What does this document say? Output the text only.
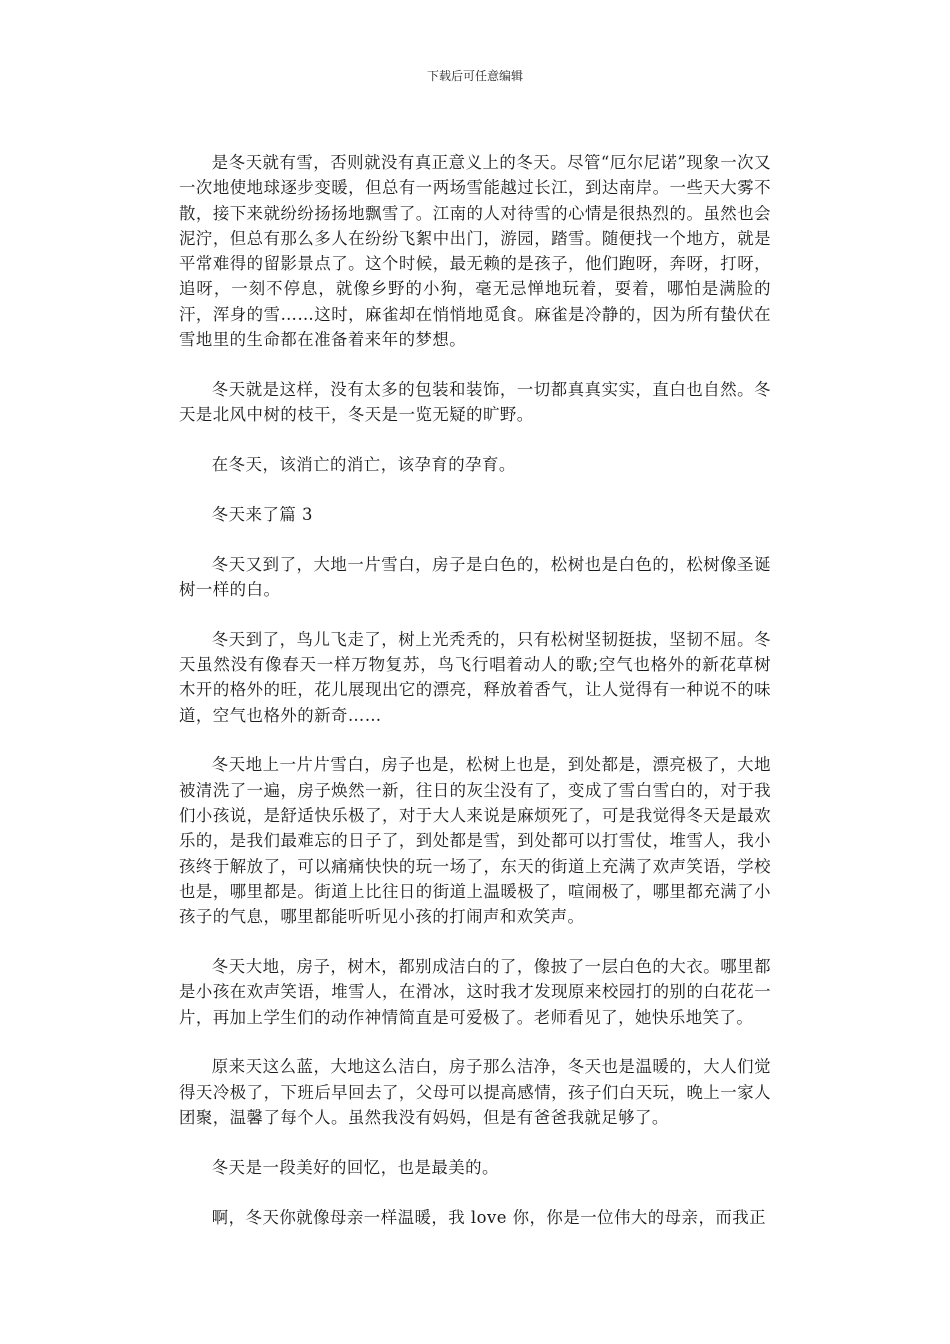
下载后可任意编辑

是冬天就有雪，否则就没有真正意义上的冬天。尽管“厄尔尼诺”现象一次又一次地使地球逐步变暖，但总有一两场雪能越过长江，到达南岸。一些天大雾不散，接下来就纷纷扬扬地飘雪了。江南的人对待雪的心情是很热烈的。虽然也会泥泞，但总有那么多人在纷纷飞絮中出门，游园，踏雪。随便找一个地方，就是平常难得的留影景点了。这个时候，最无赖的是孩子，他们跑呀，奔呀，打呀，追呀，一刻不停息，就像乡野的小狗，毫无忌惮地玩着，耍着，哪怕是满脸的汗，浑身的雪……这时，麻雀却在悄悄地觅食。麻雀是冷静的，因为所有蛰伏在雪地里的生命都在准备着来年的梦想。

冬天就是这样，没有太多的包装和装饰，一切都真真实实，直白也自然。冬天是北风中树的枝干，冬天是一览无疑的旷野。

在冬天，该消亡的消亡，该孕育的孕育。

冬天来了篇 3

冬天又到了，大地一片雪白，房子是白色的，松树也是白色的，松树像圣诞树一样的白。

冬天到了，鸟儿飞走了，树上光秃秃的，只有松树坚韧挺拔，坚韧不屈。冬天虽然没有像春天一样万物复苏，鸟飞行唱着动人的歌;空气也格外的新花草树木开的格外的旺，花儿展现出它的漂亮，释放着香气，让人觉得有一种说不的味道，空气也格外的新奇……

冬天地上一片片雪白，房子也是，松树上也是，到处都是，漂亮极了，大地被清洗了一遍，房子焕然一新，往日的灰尘没有了，变成了雪白雪白的，对于我们小孩说，是舒适快乐极了，对于大人来说是麻烦死了，可是我觉得冬天是最欢乐的，是我们最难忘的日子了，到处都是雪，到处都可以打雪仗，堆雪人，我小孩终于解放了，可以痛痛快快的玩一场了，东天的街道上充满了欢声笑语，学校也是，哪里都是。街道上比往日的街道上温暖极了，喧闹极了，哪里都充满了小孩子的气息，哪里都能听听见小孩的打闹声和欢笑声。

冬天大地，房子，树木，都别成洁白的了，像披了一层白色的大衣。哪里都是小孩在欢声笑语，堆雪人，在滑冰，这时我才发现原来校园打的别的白花花一片，再加上学生们的动作神情简直是可爱极了。老师看见了，她快乐地笑了。

原来天这么蓝，大地这么洁白，房子那么洁净，冬天也是温暖的，大人们觉得天冷极了，下班后早回去了，父母可以提高感情，孩子们白天玩，晚上一家人团聚，温馨了每个人。虽然我没有妈妈，但是有爸爸我就足够了。

冬天是一段美好的回忆，也是最美的。

啊，冬天你就像母亲一样温暖，我 love 你，你是一位伟大的母亲，而我正
